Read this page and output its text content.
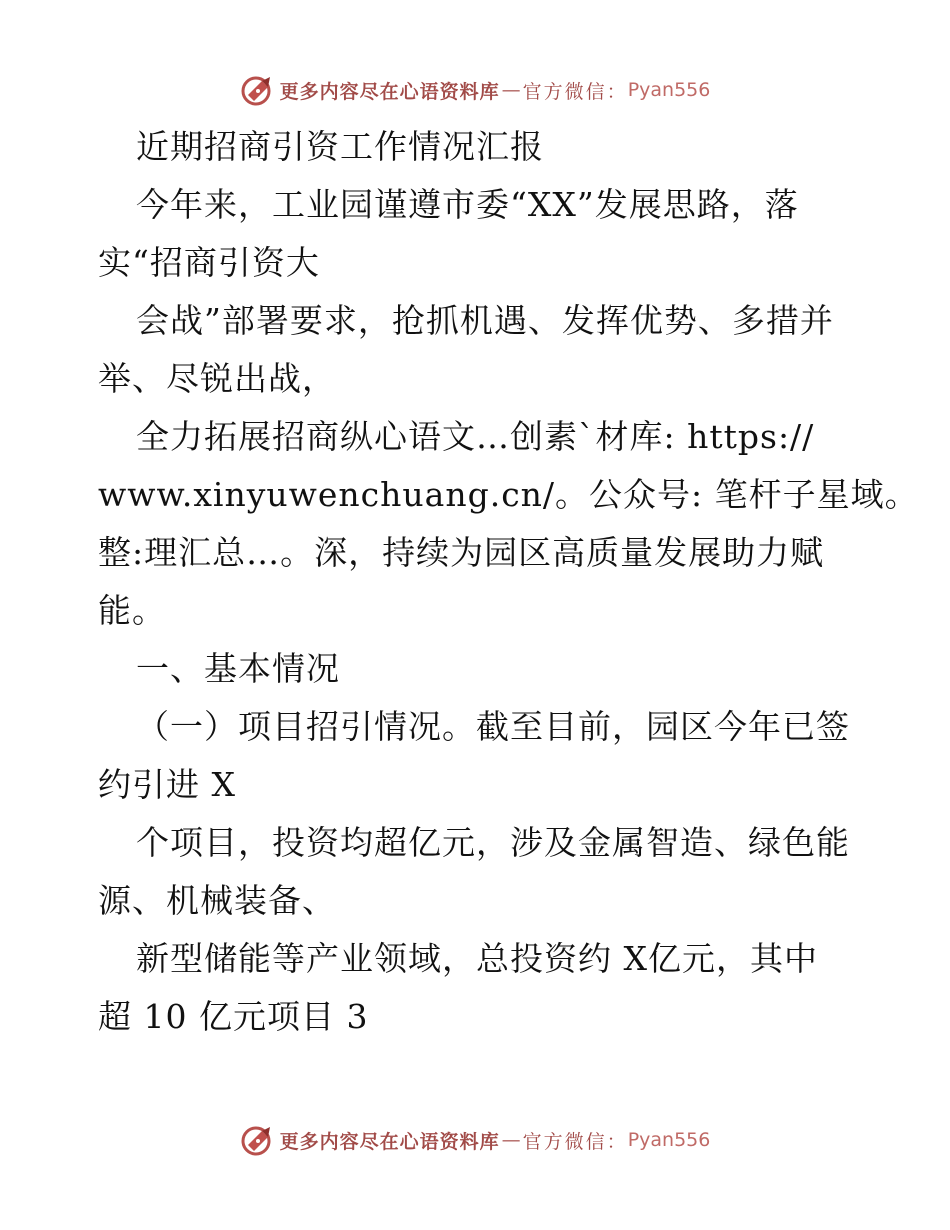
更多内容尽在心语资料库 — 官方微信： Pyan556
近期招商引资工作情况汇报
今年来，工业园谨遵市委“XX”发展思路，落
实“招商引资大
会战”部署要求，抢抓机遇、发挥优势、多措并
举、尽锐出战，
全力拓展招商纵心语文…创素`材库: https://
www.xinyuwenchuang.cn/。公众号: 笔杆子星域。
整:理汇总…。深，持续为园区高质量发展助力赋
能。
一、基本情况
（一）项目招引情况。截至目前，园区今年已签
约引进 X
个项目，投资均超亿元，涉及金属智造、绿色能
源、机械装备、
新型储能等产业领域，总投资约 X亿元，其中
超 10 亿元项目 3
更多内容尽在心语资料库 — 官方微信： Pyan556
